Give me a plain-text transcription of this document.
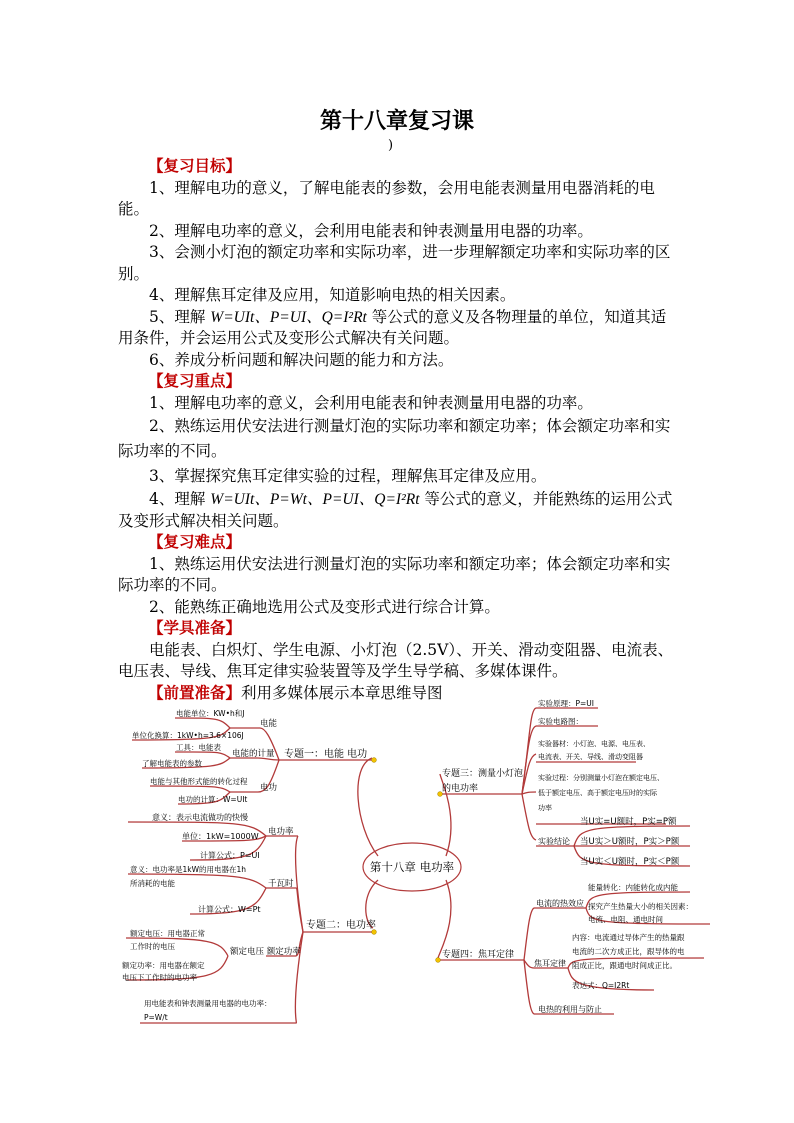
第十八章复习课
)
【复习目标】

1、理解电功的意义，了解电能表的参数，会用电能表测量用电器消耗的电能。

2、理解电功率的意义，会利用电能表和钟表测量用电器的功率。

3、会测小灯泡的额定功率和实际功率，进一步理解额定功率和实际功率的区别。

4、理解焦耳定律及应用，知道影响电热的相关因素。

5、理解 W=UIt、P=UI、Q=I²Rt 等公式的意义及各物理量的单位，知道其适用条件，并会运用公式及变形公式解决有关问题。

6、养成分析问题和解决问题的能力和方法。

【复习重点】

1、理解电功率的意义，会利用电能表和钟表测量用电器的功率。

2、熟练运用伏安法进行测量灯泡的实际功率和额定功率；体会额定功率和实际功率的不同。

3、掌握探究焦耳定律实验的过程，理解焦耳定律及应用。

4、理解 W=UIt、P=Wt、P=UI、Q=I²Rt 等公式的意义，并能熟练的运用公式及变形式解决相关问题。

【复习难点】

1、熟练运用伏安法进行测量灯泡的实际功率和额定功率；体会额定功率和实际功率的不同。

2、能熟练正确地选用公式及变形式进行综合计算。

【学具准备】

电能表、白炽灯、学生电源、小灯泡（2.5V）、开关、滑动变阻器、电流表、电压表、导线、焦耳定律实验装置等及学生导学稿、多媒体课件。

【前置准备】利用多媒体展示本章思维导图
第十八章 电功率
专题一：电能 电功
电能
电能的计量
电功
电能单位：KW•h和J
单位化换算：1kW•h=3.6×106J
工具：电能表
了解电能表的参数
电能与其他形式能的转化过程
电功的计算：W=UIt
专题二：电功率
电功率
千瓦时
额定电压 额定功率
意义：表示电流做功的快慢
单位：1kW=1000W
计算公式：P=UI
意义：电功率是1kW的用电器在1h
所消耗的电能
计算公式：W=Pt
额定电压：用电器正常
工作时的电压
额定功率：用电器在额定
电压下工作时的电功率
用电能表和钟表测量用电器的电功率：
P=W/t
专题三：测量小灯泡
的电功率
实验原理：P=UI
实验电路图：
实验器材：小灯泡、电源、电压表、
电流表、开关、导线、滑动变阻器
实验过程：分别测量小灯泡在额定电压、
低于额定电压、高于额定电压时的实际
功率
实验结论
当U实=U额时，P实=P额
当U实＞U额时，P实＞P额
当U实＜U额时，P实＜P额
专题四：焦耳定律
电流的热效应
能量转化：内能转化成内能
探究产生热量大小的相关因素：
电流、电阻、通电时间
焦耳定律
内容：电流通过导体产生的热量跟
电流的二次方成正比，跟导体的电
阻成正比，跟通电时间成正比。
表达式：Q=I2Rt
电热的利用与防止
